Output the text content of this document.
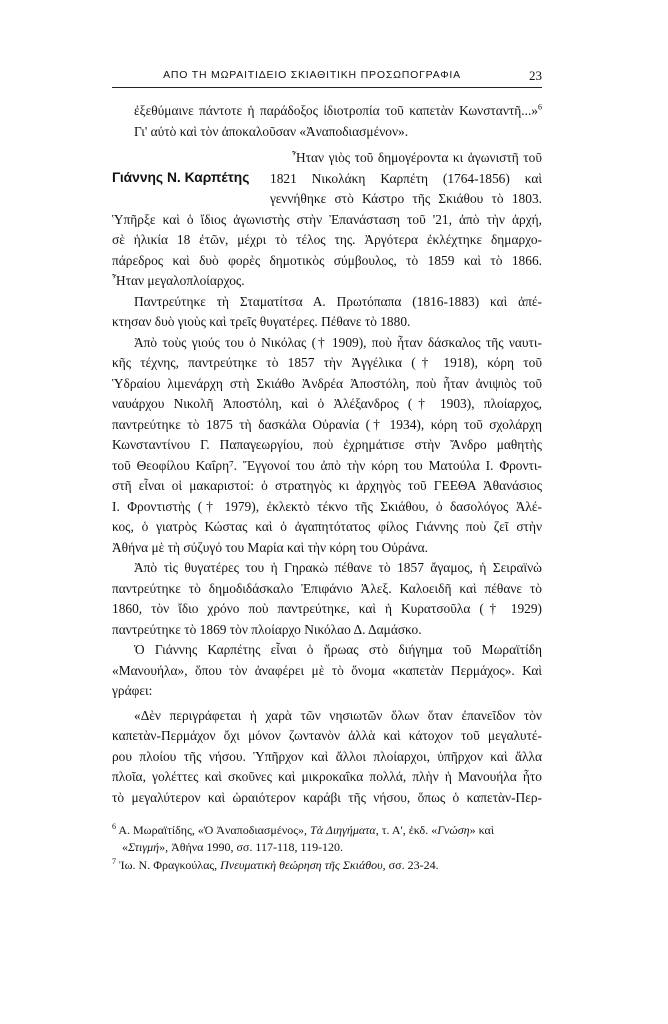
ΑΠΟ ΤΗ ΜΩΡΑΙΤΙΔΕΙΟ ΣΚΙΑΘΙΤΙΚΗ ΠΡΟΣΩΠΟΓΡΑΦΙΑ	23

ἐξεθύμαινε πάντοτε ἡ παράδοξος ἰδιοτροπία τοῦ καπετὰν Κωνσταντῆ...»$^6$

Γι' αὐτὸ καὶ τὸν ἀποκαλοῦσαν «Ἀναποδιασμένον».

Γιάννης Ν. Καρπέτης

Ἦταν γιὸς τοῦ δημογέροντα κι ἀγωνιστῆ τοῦ

1821 Νικολάκη Καρπέτη (1764-1856) καὶ

γεννήθηκε στὸ Κάστρο τῆς Σκιάθου τὸ 1803.

Ὑπῆρξε καὶ ὁ ἴδιος ἀγωνιστὴς στὴν Ἐπανάσταση τοῦ '21, ἀπὸ τὴν ἀρχή,

σὲ ἡλικία 18 ἐτῶν, μέχρι τὸ τέλος της. Ἀργότερα ἐκλέχτηκε δημαρχο-

πάρεδρος καὶ δυὸ φορὲς δημοτικὸς σύμβουλος, τὸ 1859 καὶ τὸ 1866.

Ἦταν μεγαλοπλοίαρχος.

Παντρεύτηκε τὴ Σταματίτσα Α. Πρωτόπαπα (1816-1883) καὶ ἀπέ-

κτησαν δυὸ γιοὺς καὶ τρεῖς θυγατέρες. Πέθανε τὸ 1880.

Ἀπὸ τοὺς γιούς του ὁ Νικόλας († 1909), ποὺ ἦταν δάσκαλος τῆς ναυτι-

κῆς τέχνης, παντρεύτηκε τὸ 1857 τὴν Ἀγγέλικα († 1918), κόρη τοῦ

Ὑδραίου λιμενάρχη στὴ Σκιάθο Ἀνδρέα Ἀποστόλη, ποὺ ἦταν ἀνιψιὸς τοῦ

ναυάρχου Νικολῆ Ἀποστόλη, καὶ ὁ Ἀλέξανδρος († 1903), πλοίαρχος,

παντρεύτηκε τὸ 1875 τὴ δασκάλα Οὐρανία († 1934), κόρη τοῦ σχολάρχη

Κωνσταντίνου Γ. Παπαγεωργίου, ποὺ ἐχρημάτισε στὴν Ἄνδρο μαθητὴς

τοῦ Θεοφίλου Καΐρη⁷. Ἔγγονοί του ἀπὸ τὴν κόρη του Ματούλα Ι. Φροντι-

στῆ εἶναι οἱ μακαριστοί: ὁ στρατηγὸς κι ἀρχηγὸς τοῦ ΓΕΕΘΑ Ἀθανάσιος

Ι. Φροντιστὴς († 1979), ἐκλεκτὸ τέκνο τῆς Σκιάθου, ὁ δασολόγος Ἀλέ-

κος, ὁ γιατρὸς Κώστας καὶ ὁ ἀγαπητότατος φίλος Γιάννης ποὺ ζεῖ στὴν

Ἀθήνα μὲ τὴ σύζυγό του Μαρία καὶ τὴν κόρη του Οὐράνα.

Ἀπὸ τὶς θυγατέρες του ἡ Γηρακὼ πέθανε τὸ 1857 ἄγαμος, ἡ Σειραϊνὼ

παντρεύτηκε τὸ δημοδιδάσκαλο Ἐπιφάνιο Ἀλεξ. Καλοειδῆ καὶ πέθανε τὸ

1860, τὸν ἴδιο χρόνο ποὺ παντρεύτηκε, καὶ ἡ Κυρατσοῦλα († 1929)

παντρεύτηκε τὸ 1869 τὸν πλοίαρχο Νικόλαο Δ. Δαμάσκο.

Ὁ Γιάννης Καρπέτης εἶναι ὁ ἥρωας στὸ διήγημα τοῦ Μωραϊτίδη

«Μανουήλα», ὅπου τὸν ἀναφέρει μὲ τὸ ὄνομα «καπετὰν Περμάχος». Καὶ

γράφει:

«Δὲν περιγράφεται ἡ χαρὰ τῶν νησιωτῶν ὅλων ὅταν ἐπανεῖδον τὸν

καπετὰν-Περμάχον ὄχι μόνον ζωντανὸν ἀλλὰ καὶ κάτοχον τοῦ μεγαλυτέ-

ρου πλοίου τῆς νήσου. Ὑπῆρχον καὶ ἄλλοι πλοίαρχοι, ὑπῆρχον καὶ ἄλλα

πλοῖα, γολέττες καὶ σκοῦνες καὶ μικροκαΐκα πολλά, πλὴν ἡ Μανουήλα ἦτο

τὸ μεγαλύτερον καὶ ὡραιότερον καράβι τῆς νήσου, ὅπως ὁ καπετὰν-Περ-

$^6$ Α. Μωραϊτίδης, «Ὁ Ἀναποδιασμένος», Τὰ Διηγήματα, τ. Α', ἐκδ. «Γνώση» καὶ
«Στιγμή», Ἀθήνα 1990, σσ. 117-118, 119-120.

$^7$ Ἰω. Ν. Φραγκούλας, Πνευματικὴ θεώρηση τῆς Σκιάθου, σσ. 23-24.
